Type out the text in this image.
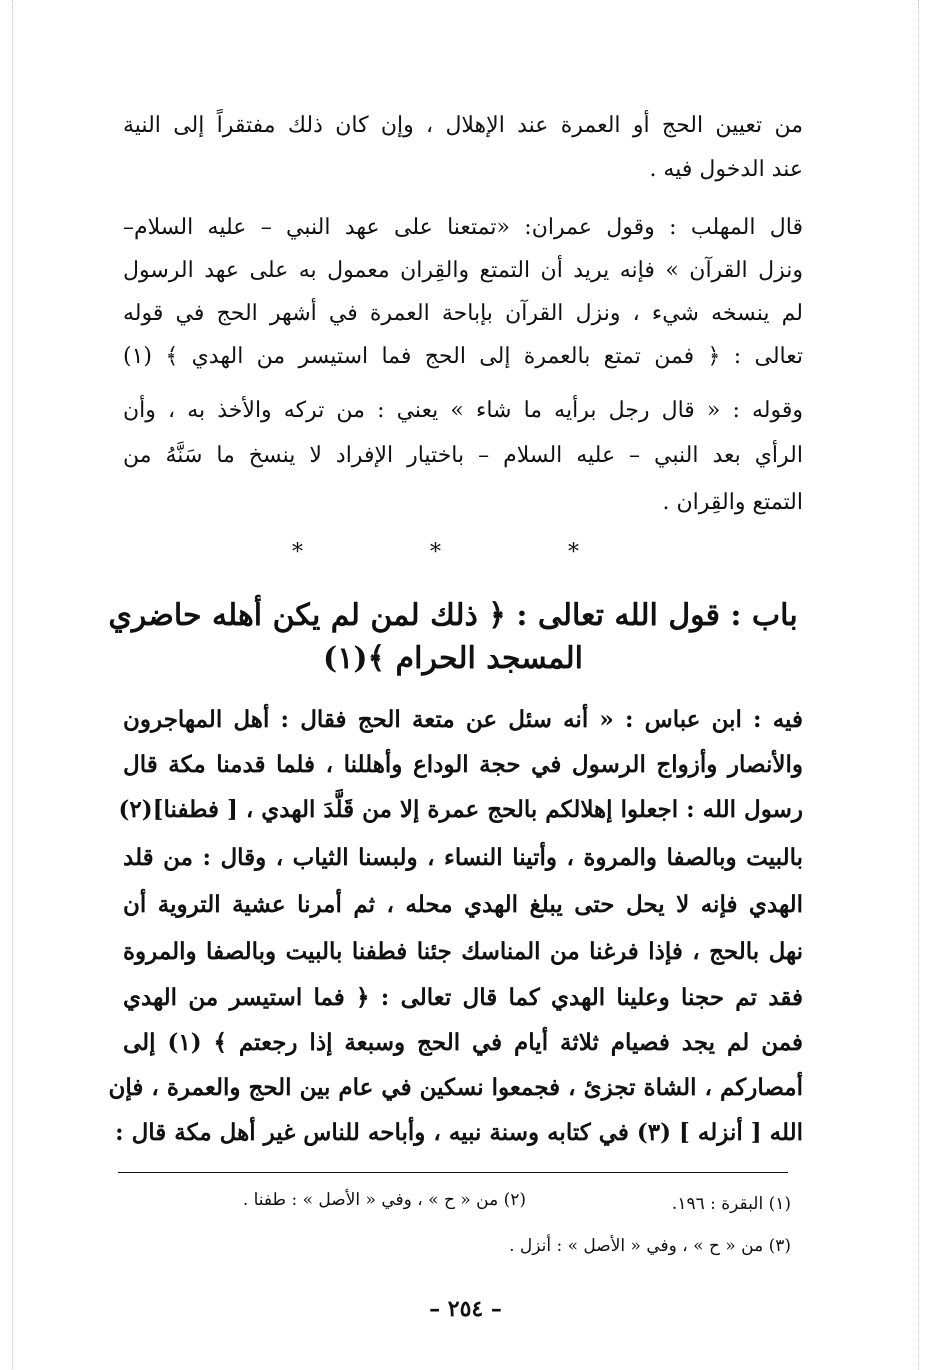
من تعيين الحج أو العمرة عند الإهلال ، وإن كان ذلك مفتقراً إلى النية
عند الدخول فيه .
قال المهلب : وقول عمران: «تمتعنا على عهد النبي – عليه السلام–
ونزل القرآن » فإنه يريد أن التمتع والقِران معمول به على عهد الرسول
لم ينسخه شيء ، ونزل القرآن بإباحة العمرة في أشهر الحج في قوله
تعالى : ﴿ فمن تمتع بالعمرة إلى الحج فما استيسر من الهدي ﴾ (١)
وقوله : « قال رجل برأيه ما شاء » يعني : من تركه والأخذ به ، وأن
الرأي بعد النبي – عليه السلام – باختيار الإفراد لا ينسخ ما سَنَّهُ من
التمتع والقِران .
* * *
باب : قول الله تعالى : ﴿ ذلك لمن لم يكن أهله حاضري
المسجد الحرام ﴾(١)
فيه : ابن عباس : « أنه سئل عن متعة الحج فقال : أهل المهاجرون
والأنصار وأزواج الرسول في حجة الوداع وأهللنا ، فلما قدمنا مكة قال
رسول الله : اجعلوا إهلالكم بالحج عمرة إلا من قَلَّدَ الهدي ، [ فطفنا](٢)
بالبيت وبالصفا والمروة ، وأتينا النساء ، ولبسنا الثياب ، وقال : من قلد
الهدي فإنه لا يحل حتى يبلغ الهدي محله ، ثم أمرنا عشية التروية أن
نهل بالحج ، فإذا فرغنا من المناسك جئنا فطفنا بالبيت وبالصفا والمروة
فقد تم حجنا وعلينا الهدي كما قال تعالى : ﴿ فما استيسر من الهدي
فمن لم يجد فصيام ثلاثة أيام في الحج وسبعة إذا رجعتم ﴾ (١) إلى
أمصاركم ، الشاة تجزئ ، فجمعوا نسكين في عام بين الحج والعمرة ، فإن
الله [ أنزله ] (٣) في كتابه وسنة نبيه ، وأباحه للناس غير أهل مكة قال :
(١) البقرة : ١٩٦.
(٢) من « ح » ، وفي « الأصل » : طفنا .
(٣) من « ح » ، وفي « الأصل » : أنزل .
– ٢٥٤ –
